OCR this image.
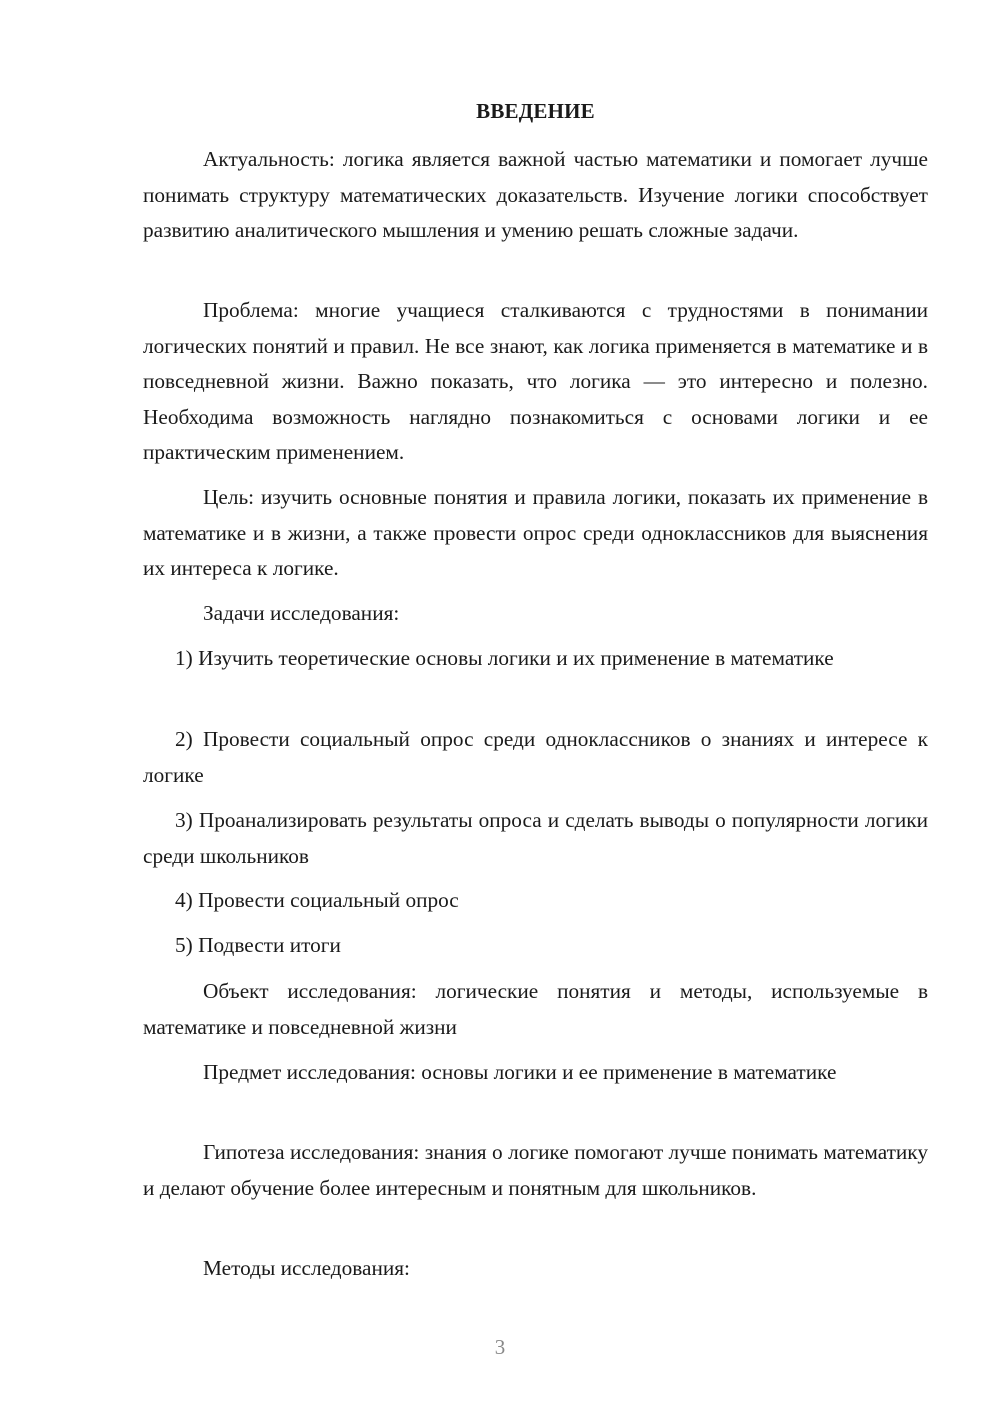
ВВЕДЕНИЕ

Актуальность: логика является важной частью математики и помогает лучше понимать структуру математических доказательств. Изучение логики способствует развитию аналитического мышления и умению решать сложные задачи.

Проблема: многие учащиеся сталкиваются с трудностями в понимании логических понятий и правил. Не все знают, как логика применяется в математике и в повседневной жизни. Важно показать, что логика — это интересно и полезно. Необходима возможность наглядно познакомиться с основами логики и ее практическим применением.

Цель: изучить основные понятия и правила логики, показать их применение в математике и в жизни, а также провести опрос среди одноклассников для выяснения их интереса к логике.

Задачи исследования:

1) Изучить теоретические основы логики и их применение в математике

2) Провести социальный опрос среди одноклассников о знаниях и интересе к логике

3) Проанализировать результаты опроса и сделать выводы о популярности логики среди школьников

4) Провести социальный опрос

5) Подвести итоги

Объект исследования: логические понятия и методы, используемые в математике и повседневной жизни

Предмет исследования: основы логики и ее применение в математике

Гипотеза исследования: знания о логике помогают лучше понимать математику и делают обучение более интересным и понятным для школьников.

Методы исследования:

3
